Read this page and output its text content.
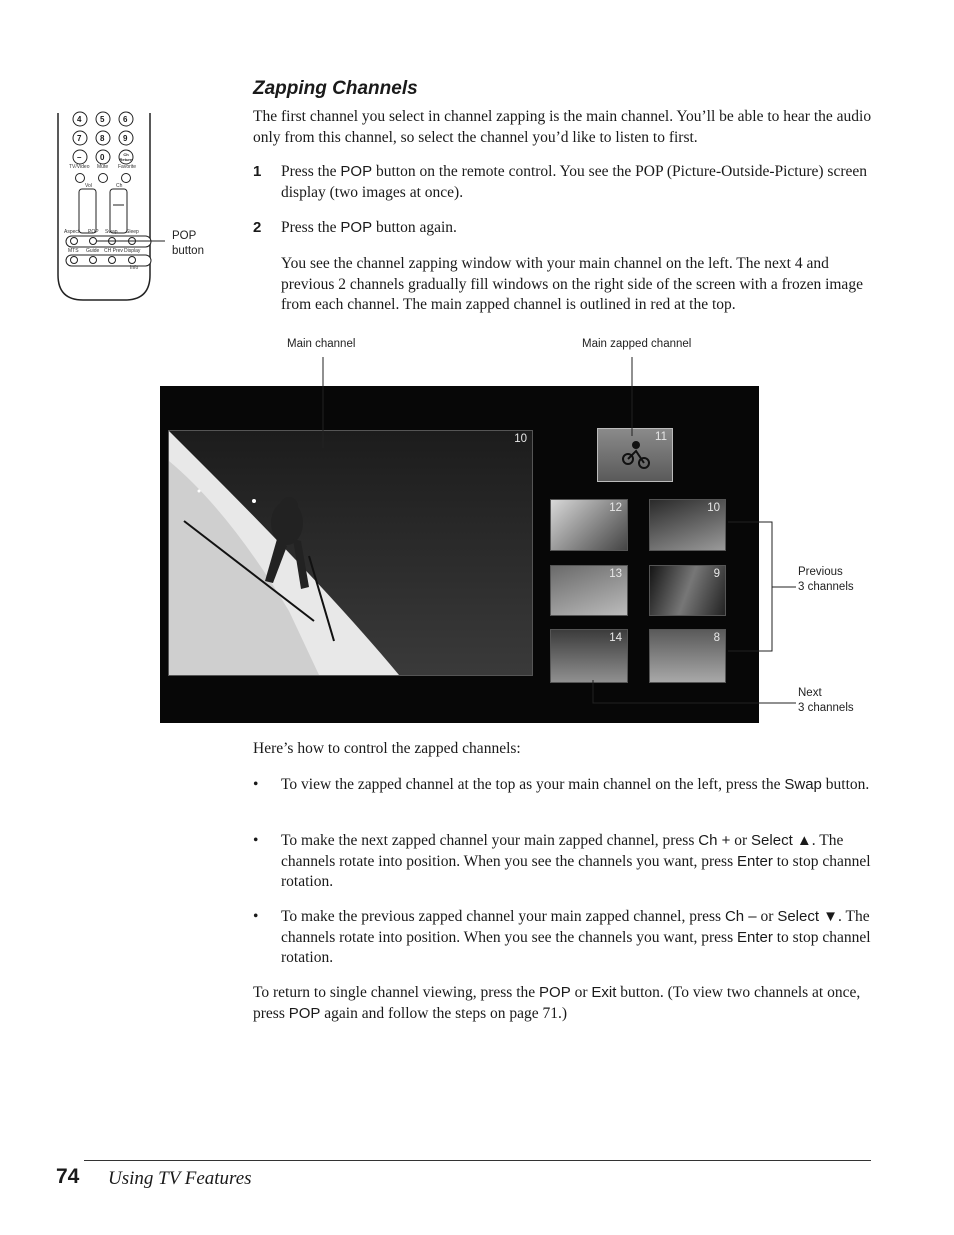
4 5 6
7 8 9
– 0	Ch Return
TV/Video Mute Favorite
Vol	Ch
Aspect POP Swap Sleep
MTS Guide CH Prev Display
Info
POP
button
Zapping Channels
The first channel you select in channel zapping is the main channel. You’ll be able to hear the audio only from this channel, so select the channel you’d like to listen to first.
1 Press the POP button on the remote control. You see the POP (Picture-Outside-Picture) screen display (two images at once).
2 Press the POP button again.
You see the channel zapping window with your main channel on the left. The next 4 and previous 2 channels gradually fill windows on the right side of the screen with a frozen image from each channel. The main zapped channel is outlined in red at the top.
Main channel	Main zapped channel
Previous
3 channels
Next
3 channels
10	11
12
13
14
10
9
8
Here’s how to control the zapped channels:
• To view the zapped channel at the top as your main channel on the left, press the Swap button.
• To make the next zapped channel your main zapped channel, press Ch + or Select ▲. The channels rotate into position. When you see the channels you want, press Enter to stop channel rotation.
• To make the previous zapped channel your main zapped channel, press Ch – or Select ▼. The channels rotate into position. When you see the channels you want, press Enter to stop channel rotation.
To return to single channel viewing, press the POP or Exit button. (To view two channels at once, press POP again and follow the steps on page 71.)
74 Using TV Features
